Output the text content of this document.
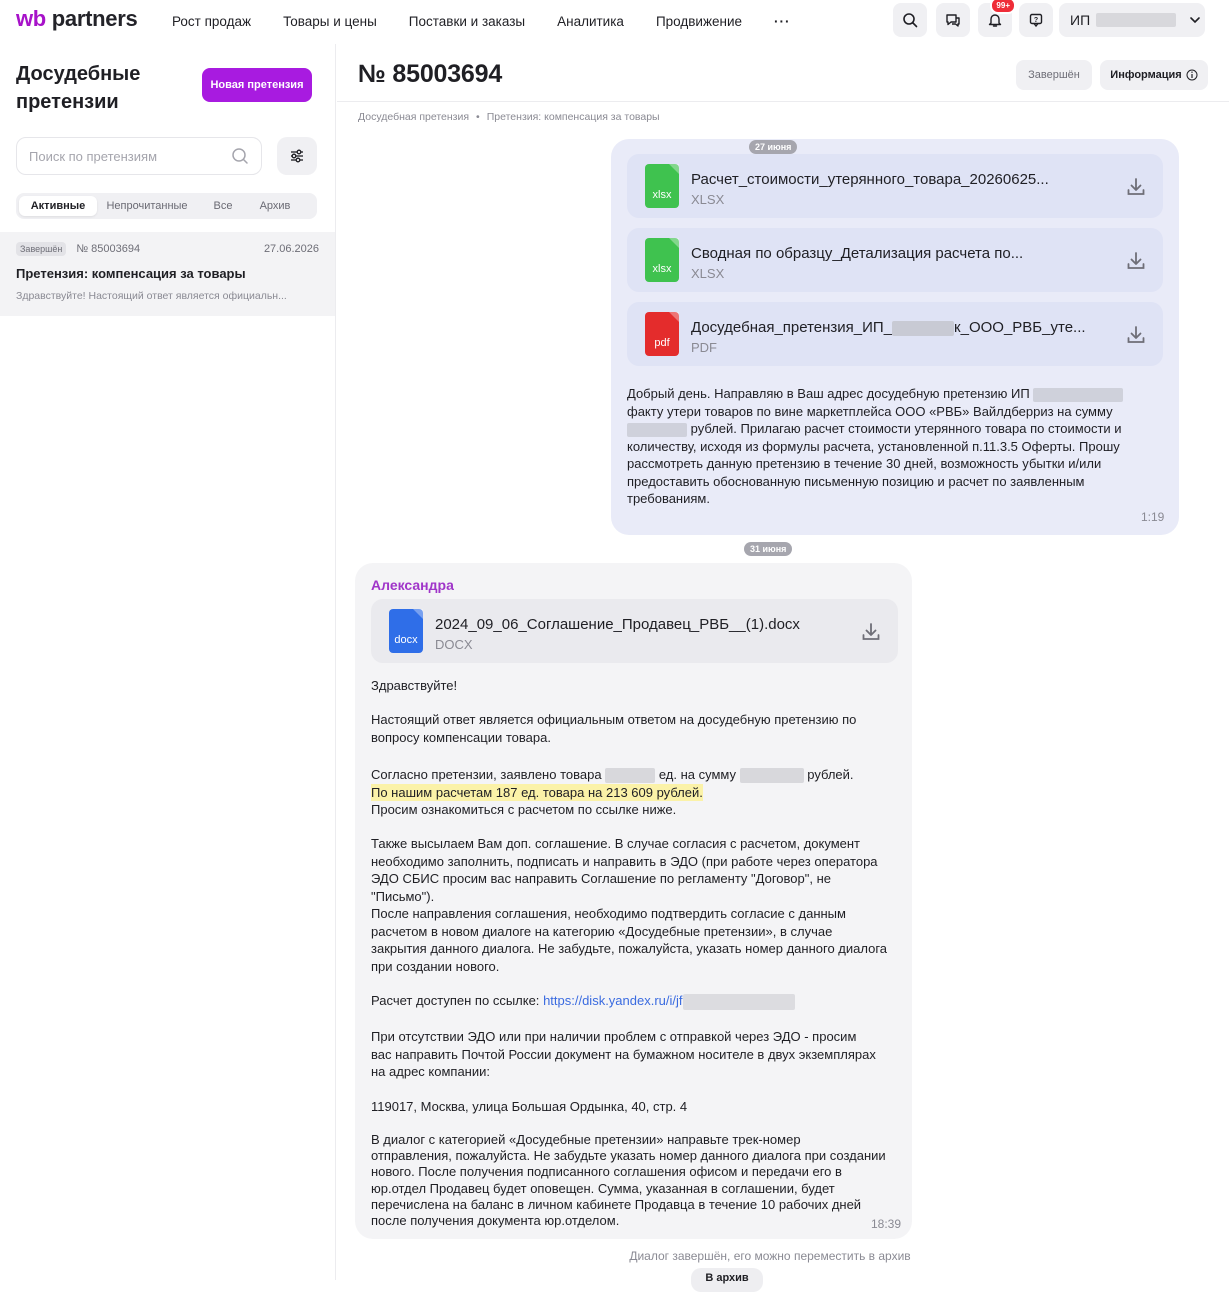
wb partners	Рост продаж Товары и цены Поставки и заказы Аналитика Продвижение ···
99+
? ИП
Досудебные претензии
Новая претензия
Поиск по претензиям
Активные	Непрочитанные	Все	Архив
Завершён	№ 85003694	27.06.2026
Претензия: компенсация за товары
Здравствуйте! Настоящий ответ является официальн...
№ 85003694	Завершён	Информация
Досудебная претензия • Претензия: компенсация за товары
xlsx
Расчет_стоимости_утерянного_товара_20260625...
XLSX
xlsx
Сводная по образцу_Детализация расчета по...
XLSX
pdf
Досудебная_претензия_ИП_	к_ООО_РВБ_уте...
PDF
Добрый день. Направляю в Ваш адрес досудебную претензию ИП
факту утери товаров по вине маркетплейса ООО «РВБ» Вайлдберриз на сумму
рублей. Прилагаю расчет стоимости утерянного товара по стоимости и
количеству, исходя из формулы расчета, установленной п.11.3.5 Оферты. Прошу
рассмотреть данную претензию в течение 30 дней, возможность убытки и/или
предоставить обоснованную письменную позицию и расчет по заявленным
требованиям.
1:19
27 июня
31 июня
Александра
docx
2024_09_06_Соглашение_Продавец_РВБ__(1).docx
DOCX
Здравствуйте!
Настоящий ответ является официальным ответом на досудебную претензию по
вопросу компенсации товара.
Согласно претензии, заявлено товара	ед. на сумму	рублей.
По нашим расчетам 187 ед. товара на 213 609 рублей.
Просим ознакомиться с расчетом по ссылке ниже.
Также высылаем Вам доп. соглашение. В случае согласия с расчетом, документ
необходимо заполнить, подписать и направить в ЭДО (при работе через оператора
ЭДО СБИС просим вас направить Соглашение по регламенту "Договор", не
"Письмо").
После направления соглашения, необходимо подтвердить согласие с данным
расчетом в новом диалоге на категорию «Досудебные претензии», в случае
закрытия данного диалога. Не забудьте, пожалуйста, указать номер данного диалога
при создании нового.
Расчет доступен по ссылке: https://disk.yandex.ru/i/jf
При отсутствии ЭДО или при наличии проблем с отправкой через ЭДО - просим
вас направить Почтой России документ на бумажном носителе в двух экземплярах
на адрес компании:
119017, Москва, улица Большая Ордынка, 40, стр. 4
В диалог с категорией «Досудебные претензии» направьте трек-номер
отправления, пожалуйста. Не забудьте указать номер данного диалога при создании
нового. После получения подписанного соглашения офисом и передачи его в
юр.отдел Продавец будет оповещен. Сумма, указанная в соглашении, будет
перечислена на баланс в личном кабинете Продавца в течение 10 рабочих дней
после получения документа юр.отделом.	18:39
Диалог завершён, его можно переместить в архив
В архив
